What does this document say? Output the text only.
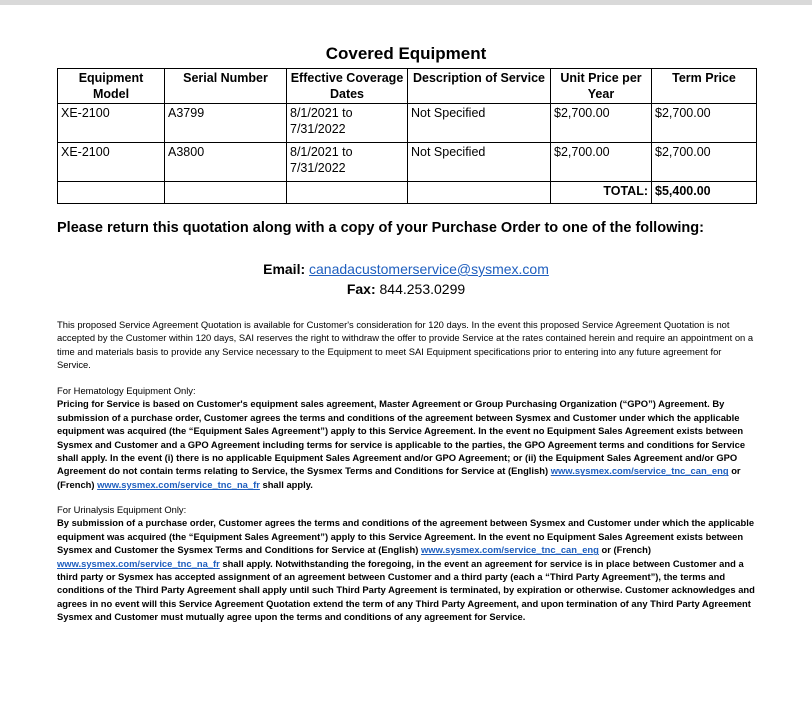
Covered Equipment
Equipment Model	Serial Number	Effective Coverage Dates	Description of Service	Unit Price per Year	Term Price
XE-2100	A3799	8/1/2021 to 7/31/2022	Not Specified	$2,700.00	$2,700.00
XE-2100	A3800	8/1/2021 to 7/31/2022	Not Specified	$2,700.00	$2,700.00
				TOTAL:	$5,400.00
Please return this quotation along with a copy of your Purchase Order to one of the following:
Email: canadacustomerservice@sysmex.com
Fax: 844.253.0299
This proposed Service Agreement Quotation is available for Customer's consideration for 120 days. In the event this proposed Service Agreement Quotation is not accepted by the Customer within 120 days, SAI reserves the right to withdraw the offer to provide Service at the rates contained herein and require an appointment on a time and materials basis to provide any Service necessary to the Equipment to meet SAI Equipment specifications prior to entering into any future agreement for Service.
For Hematology Equipment Only:
Pricing for Service is based on Customer's equipment sales agreement, Master Agreement or Group Purchasing Organization (“GPO”) Agreement. By submission of a purchase order, Customer agrees the terms and conditions of the agreement between Sysmex and Customer under which the applicable equipment was acquired (the “Equipment Sales Agreement”) apply to this Service Agreement. In the event no Equipment Sales Agreement exists between Sysmex and Customer and a GPO Agreement including terms for service is applicable to the parties, the GPO Agreement terms and conditions for Service shall apply. In the event (i) there is no applicable Equipment Sales Agreement and/or GPO Agreement; or (ii) the Equipment Sales Agreement and/or GPO Agreement do not contain terms relating to Service, the Sysmex Terms and Conditions for Service at (English) www.sysmex.com/service_tnc_can_eng or (French) www.sysmex.com/service_tnc_na_fr shall apply.
For Urinalysis Equipment Only:
By submission of a purchase order, Customer agrees the terms and conditions of the agreement between Sysmex and Customer under which the applicable equipment was acquired (the “Equipment Sales Agreement”) apply to this Service Agreement. In the event no Equipment Sales Agreement exists between Sysmex and Customer the Sysmex Terms and Conditions for Service at (English) www.sysmex.com/service_tnc_can_eng or (French) www.sysmex.com/service_tnc_na_fr shall apply. Notwithstanding the foregoing, in the event an agreement for service is in place between Customer and a third party or Sysmex has accepted assignment of an agreement between Customer and a third party (each a “Third Party Agreement”), the terms and conditions of the Third Party Agreement shall apply until such Third Party Agreement is terminated, by expiration or otherwise. Customer acknowledges and agrees in no event will this Service Agreement Quotation extend the term of any Third Party Agreement, and upon termination of any Third Party Agreement Sysmex and Customer must mutually agree upon the terms and conditions of any agreement for Service.
